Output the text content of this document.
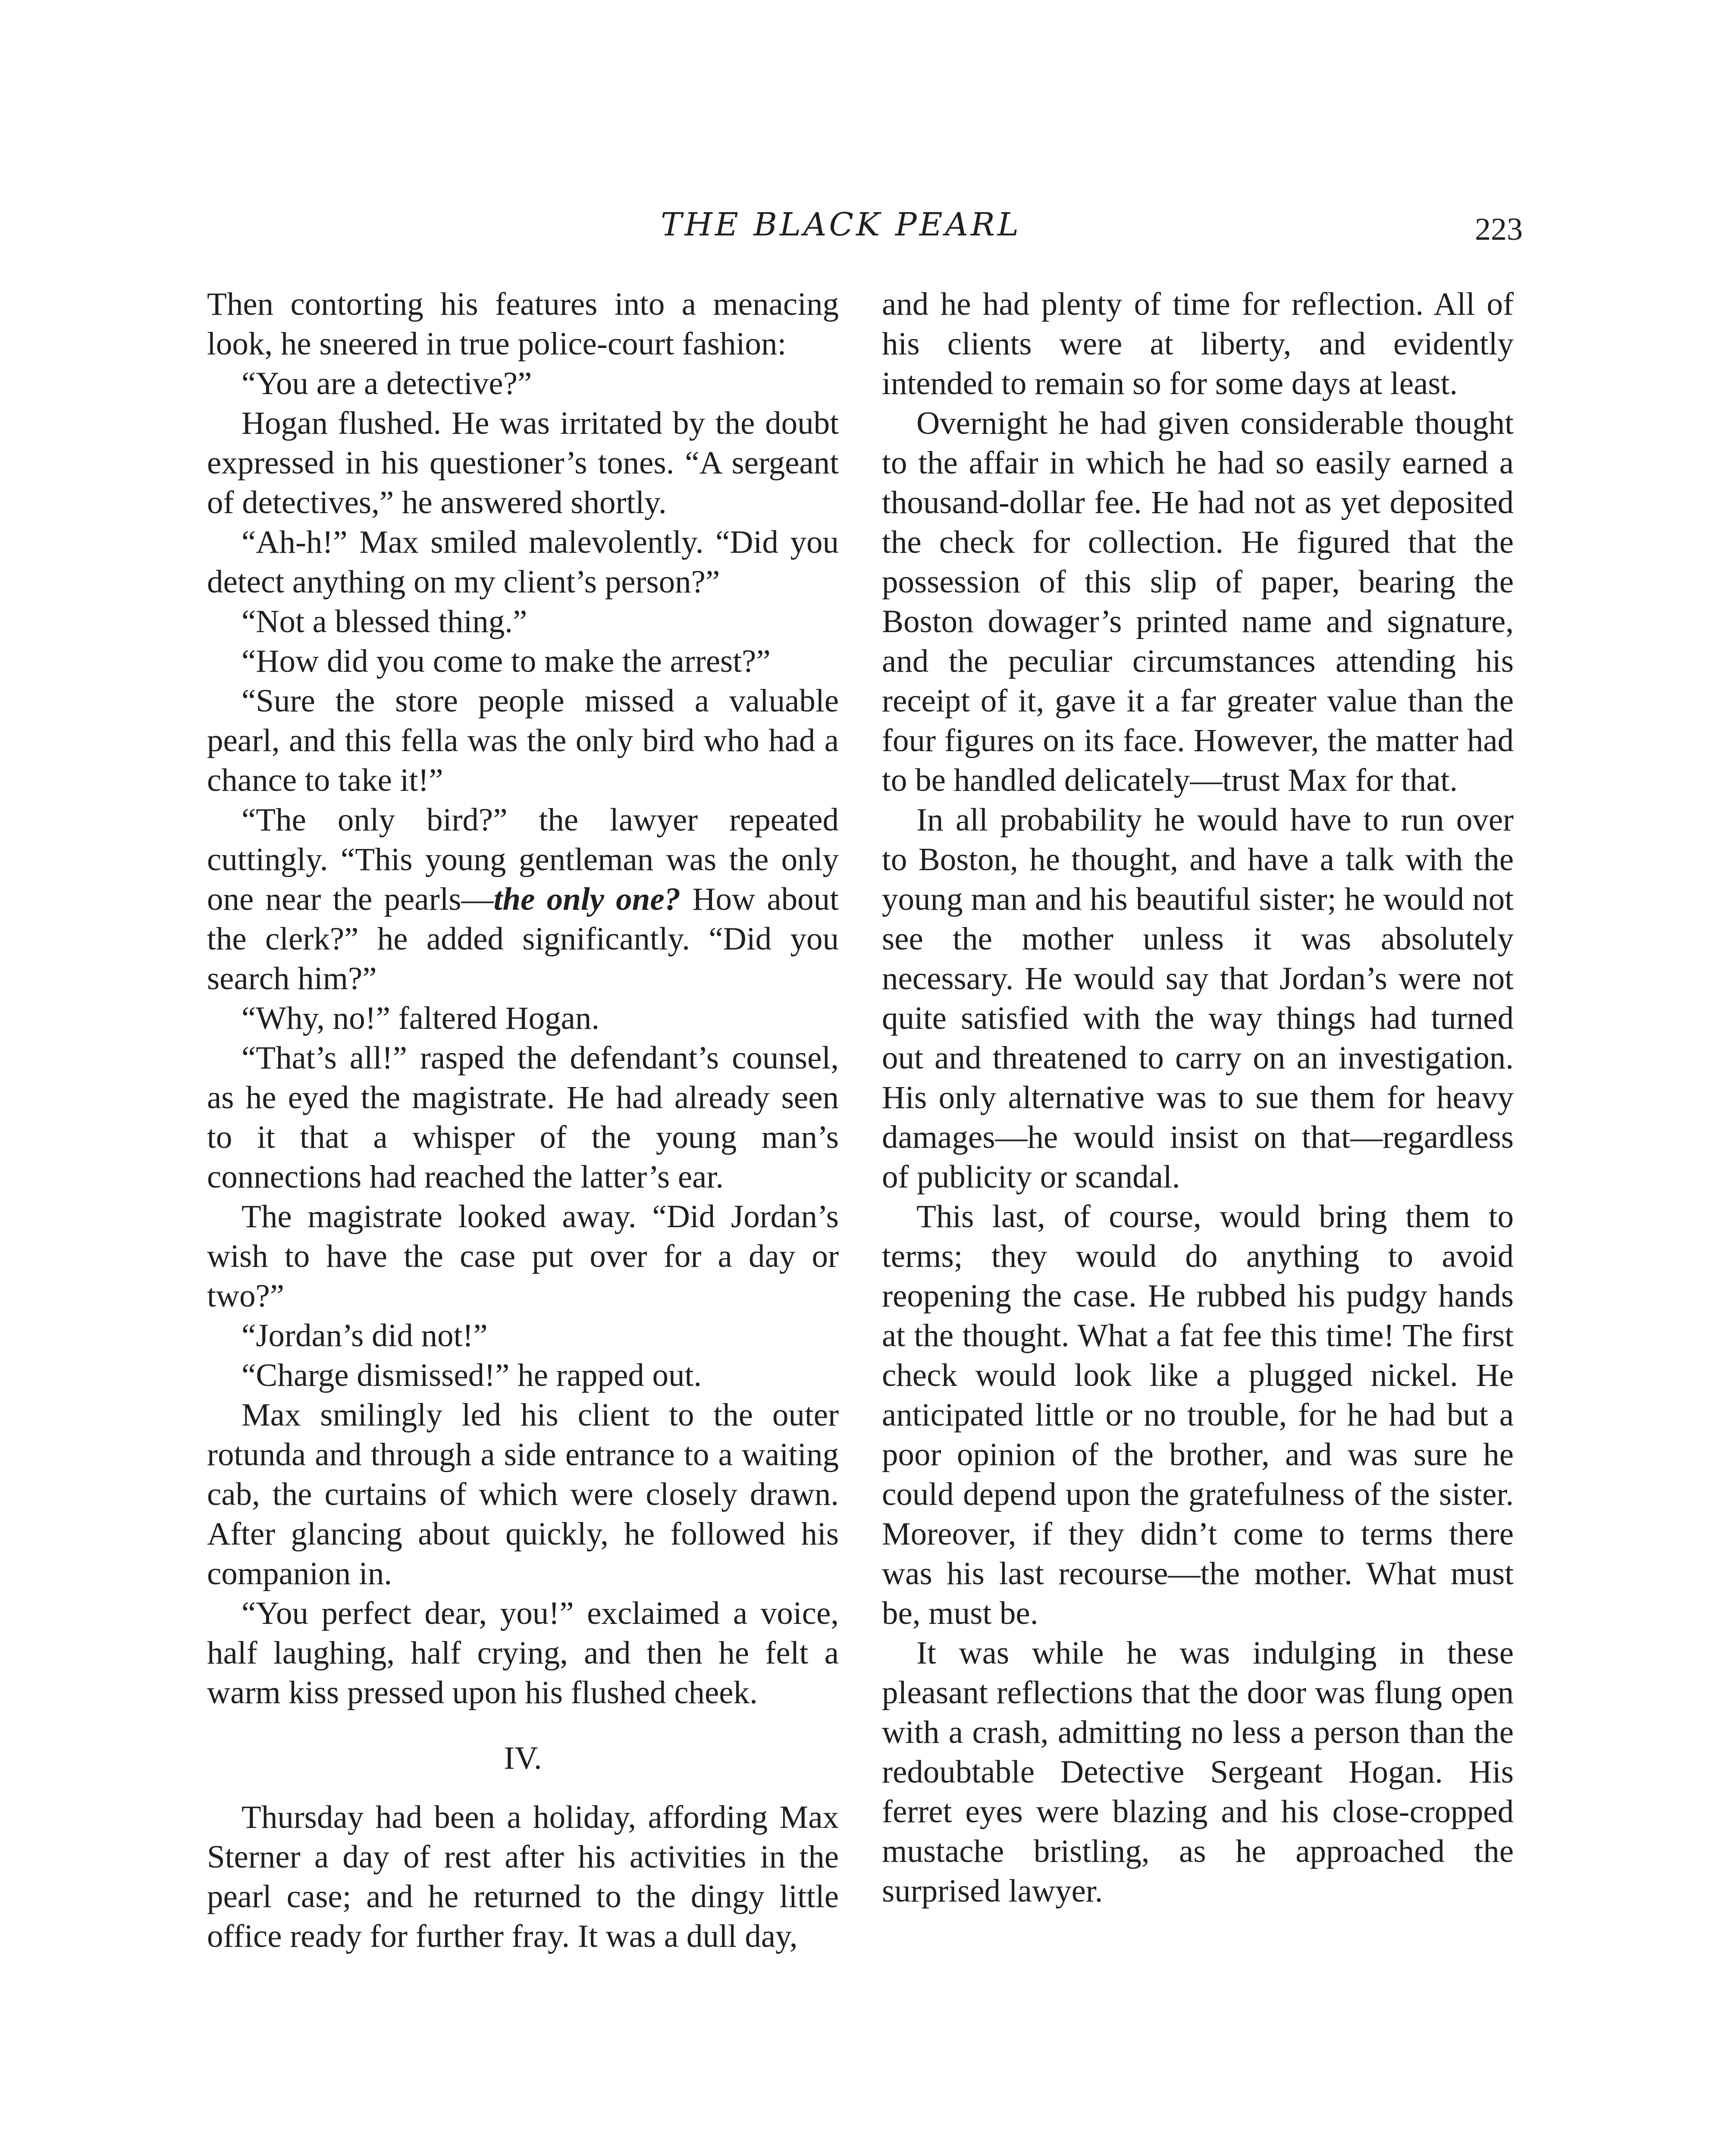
THE BLACK PEARL	223

Then contorting his features into a menacing look, he sneered in true police-court fashion:

“You are a detective?”

Hogan flushed. He was irritated by the doubt expressed in his questioner’s tones. “A sergeant of detectives,” he answered shortly.

“Ah-h!” Max smiled malevolently. “Did you detect anything on my client’s person?”

“Not a blessed thing.”

“How did you come to make the arrest?”

“Sure the store people missed a valuable pearl, and this fella was the only bird who had a chance to take it!”

“The only bird?” the lawyer repeated cuttingly. “This young gentleman was the only one near the pearls—the only one? How about the clerk?” he added significantly. “Did you search him?”

“Why, no!” faltered Hogan.

“That’s all!” rasped the defendant’s counsel, as he eyed the magistrate. He had already seen to it that a whisper of the young man’s connections had reached the latter’s ear.

The magistrate looked away. “Did Jordan’s wish to have the case put over for a day or two?”

“Jordan’s did not!”

“Charge dismissed!” he rapped out.

Max smilingly led his client to the outer rotunda and through a side entrance to a waiting cab, the curtains of which were closely drawn. After glancing about quickly, he followed his companion in.

“You perfect dear, you!” exclaimed a voice, half laughing, half crying, and then he felt a warm kiss pressed upon his flushed cheek.

IV.

Thursday had been a holiday, affording Max Sterner a day of rest after his activities in the pearl case; and he returned to the dingy little office ready for further fray. It was a dull day,

and he had plenty of time for reflection. All of his clients were at liberty, and evidently intended to remain so for some days at least.

Overnight he had given considerable thought to the affair in which he had so easily earned a thousand-dollar fee. He had not as yet deposited the check for collection. He figured that the possession of this slip of paper, bearing the Boston dowager’s printed name and signature, and the peculiar circumstances attending his receipt of it, gave it a far greater value than the four figures on its face. However, the matter had to be handled delicately—trust Max for that.

In all probability he would have to run over to Boston, he thought, and have a talk with the young man and his beautiful sister; he would not see the mother unless it was absolutely necessary. He would say that Jordan’s were not quite satisfied with the way things had turned out and threatened to carry on an investigation. His only alternative was to sue them for heavy damages—he would insist on that—regardless of publicity or scandal.

This last, of course, would bring them to terms; they would do anything to avoid reopening the case. He rubbed his pudgy hands at the thought. What a fat fee this time! The first check would look like a plugged nickel. He anticipated little or no trouble, for he had but a poor opinion of the brother, and was sure he could depend upon the gratefulness of the sister. Moreover, if they didn’t come to terms there was his last recourse—the mother. What must be, must be.

It was while he was indulging in these pleasant reflections that the door was flung open with a crash, admitting no less a person than the redoubtable Detective Sergeant Hogan. His ferret eyes were blazing and his close-cropped mustache bristling, as he approached the surprised lawyer.
